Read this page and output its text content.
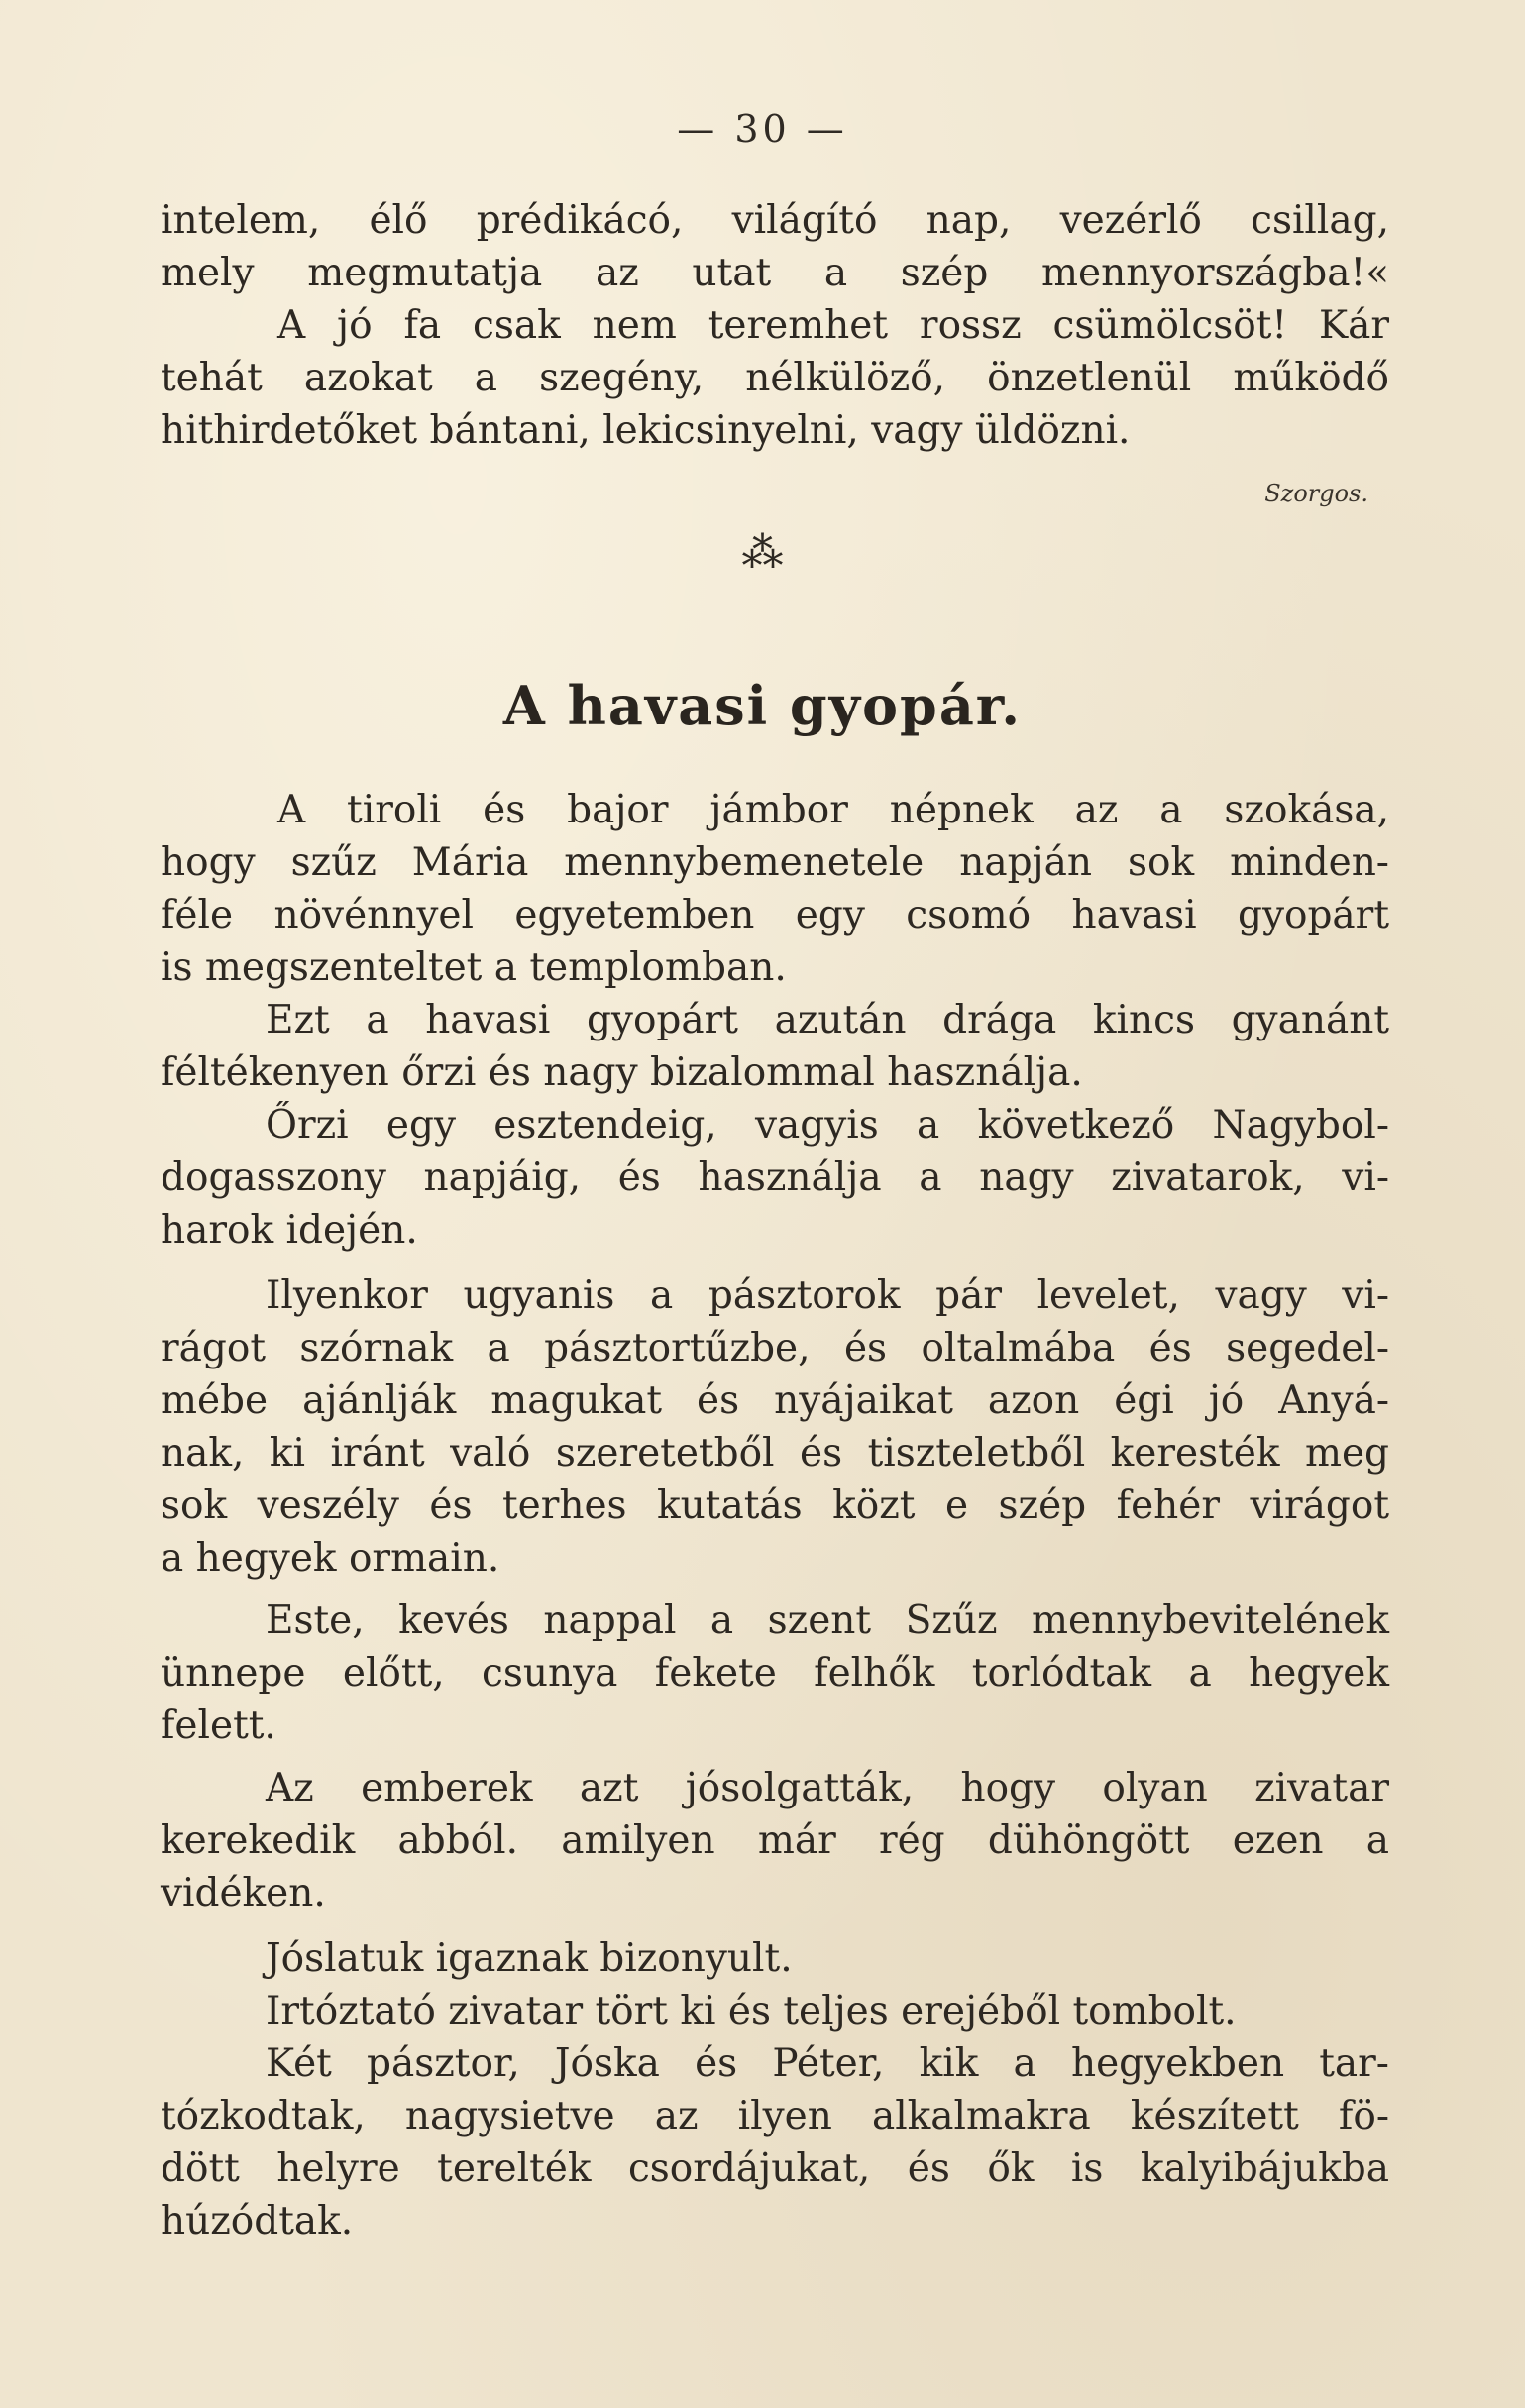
— 30 —
intelem, élő prédikácó, világító nap, vezérlő csillag,
mely megmutatja az utat a szép mennyországba!«
A jó fa csak nem teremhet rossz csümölcsöt! Kár
tehát azokat a szegény, nélkülöző, önzetlenül működő
hithirdetőket bántani, lekicsinyelni, vagy üldözni.
Szorgos.
⁂
A havasi gyopár.
A tiroli és bajor jámbor népnek az a szokása,
hogy szűz Mária mennybemenetele napján sok minden-
féle növénnyel egyetemben egy csomó havasi gyopárt
is megszenteltet a templomban.
Ezt a havasi gyopárt azután drága kincs gyanánt
féltékenyen őrzi és nagy bizalommal használja.
Őrzi egy esztendeig, vagyis a következő Nagybol-
dogasszony napjáig, és használja a nagy zivatarok, vi-
harok idején.
Ilyenkor ugyanis a pásztorok pár levelet, vagy vi-
rágot szórnak a pásztortűzbe, és oltalmába és segedel-
mébe ajánlják magukat és nyájaikat azon égi jó Anyá-
nak, ki iránt való szeretetből és tiszteletből keresték meg
sok veszély és terhes kutatás közt e szép fehér virágot
a hegyek ormain.
Este, kevés nappal a szent Szűz mennybevitelének
ünnepe előtt, csunya fekete felhők torlódtak a hegyek
felett.
Az emberek azt jósolgatták, hogy olyan zivatar
kerekedik abból. amilyen már rég dühöngött ezen a
vidéken.
Jóslatuk igaznak bizonyult.
Irtóztató zivatar tört ki és teljes erejéből tombolt.
Két pásztor, Jóska és Péter, kik a hegyekben tar-
tózkodtak, nagysietve az ilyen alkalmakra készített fö-
dött helyre terelték csordájukat, és ők is kalyibájukba
húzódtak.
